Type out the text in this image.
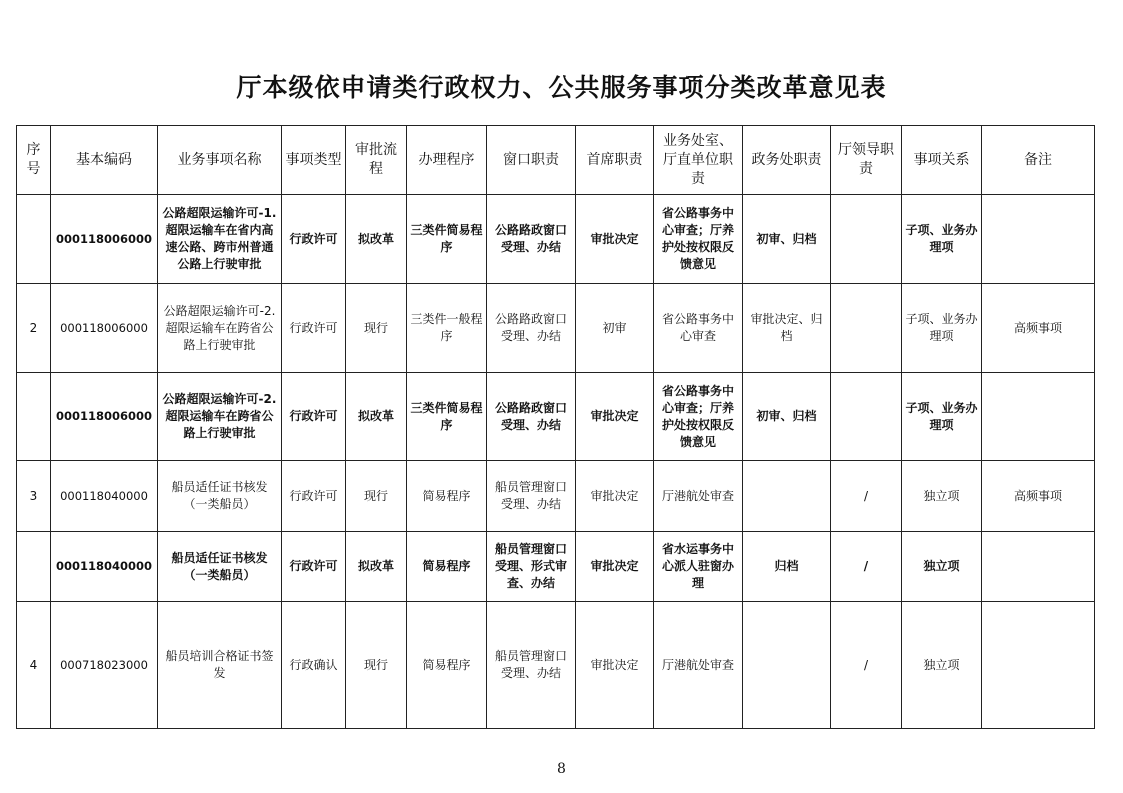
厅本级依申请类行政权力、公共服务事项分类改革意见表
序号	基本编码	业务事项名称	事项类型	审批流程	办理程序	窗口职责	首席职责	业务处室、厅直单位职责	政务处职责	厅领导职责	事项关系	备注
	000118006000	公路超限运输许可-1.超限运输车在省内高速公路、跨市州普通公路上行驶审批	行政许可	拟改革	三类件简易程序	公路路政窗口受理、办结	审批决定	省公路事务中心审查；厅养护处按权限反馈意见	初审、归档		子项、业务办理项	
2	000118006000	公路超限运输许可-2.超限运输车在跨省公路上行驶审批	行政许可	现行	三类件一般程序	公路路政窗口受理、办结	初审	省公路事务中心审查	审批决定、归档		子项、业务办理项	高频事项
	000118006000	公路超限运输许可-2.超限运输车在跨省公路上行驶审批	行政许可	拟改革	三类件简易程序	公路路政窗口受理、办结	审批决定	省公路事务中心审查；厅养护处按权限反馈意见	初审、归档		子项、业务办理项	
3	000118040000	船员适任证书核发（一类船员）	行政许可	现行	简易程序	船员管理窗口受理、办结	审批决定	厅港航处审查		/	独立项	高频事项
	000118040000	船员适任证书核发（一类船员）	行政许可	拟改革	简易程序	船员管理窗口受理、形式审查、办结	审批决定	省水运事务中心派人驻窗办理	归档	/	独立项	
4	000718023000	船员培训合格证书签发	行政确认	现行	简易程序	船员管理窗口受理、办结	审批决定	厅港航处审查		/	独立项	
8
